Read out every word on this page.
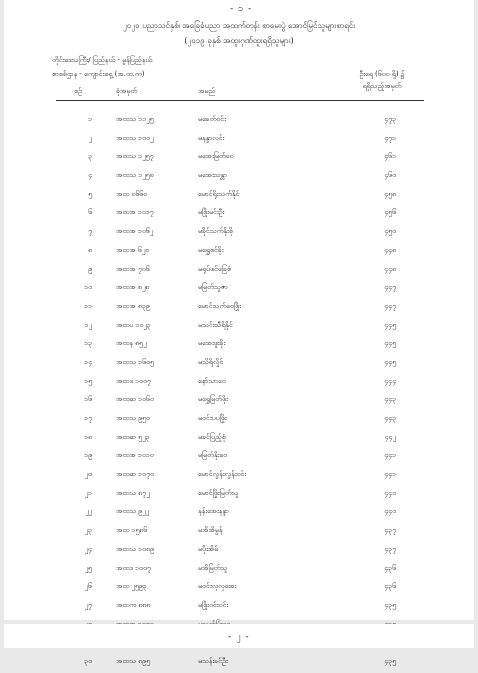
- ၁ -
၂၀၂၀ ပညာသင်နှစ်၊ အခြေခံပညာ အထက်တန်း စာမေးပွဲ အောင်မြင်သူများစာရင်း
(၂၀၁၉ ခုနှစ် အထူးဂုဏ်ထူးရရှိသူများ)
တိုင်းဒေသကြီး/ ပြည်နယ် - မွန်ပြည်နယ်
စာစစ်ဌာန - ကျောင်းရှေ့ (အ.ထ.က)
စဉ်	ခုံအမှတ်	အမည်
ဦးရေ (၆၀၀ ရှိ) ၌
ရရှိသည့်အမှတ်
၁	အထသ ၁၁၂၅	မခေတ်ဝင်း	၄၇၃
၂	အထသ ၁၀၀၂	မနန္ဒာလင်း	၄၇၁
၃	အထသ ၁၂၅၇	မအေးမြတ်ဝေ	၄၆၁
၄	အထသ ၁၂၅၈	မအေးသန္တာ	၄၆၀
၅	အထ ၀၆၆၀	မောင်ရိုးသက်နိုင်	၄၅၈
၆	အထအ ၁၀၁၇	မဖြိုးမင်းဦး	၄၅၆
၇	အထအ ၁၀၆၂	မခိုင်သက်နိုးစို	၄၅၀
၈	အထအ ၆၂၀	မရွှေစင်ခိုး	၄၄၈
၉	အထအ ၇၀၆	မရုပ်ဖင်ခြေစံ	၄၄၈
၁၀	အထအ ၈၂၈	မမြတ်သူဇာ	၄၄၇
၁၁	အထအ ၈၃၉	မောင်သက်ဝေဖြိုး	၄၄၇
၁၂	အထပ ၁၀၂၃	မသင်းသီရိနိုင်	၄၄၅
၁၃	အထန ၈၅၂	မအေးဖူးခိုး	၄၄၅
၁၄	အထသ ၁၆၀၅	မသိရိလှိုင်	၄၄၅
၁၅	အထဒ ၁၀၀၇	နော်သာဝေ	၄၄၄
၁၆	အထဆ ၁၀၆၀	မရွှေမြတ်ဖိုး	၄၄၃
၁၇	အထသ ၉၅၀	မဝင်းပပဖြိုး	၄၄၃
၁၈	အထဆ ၅၂၃	မခင်ပြည့်စုံ	၄၄၂
၁၉	အထအ ၁၀၁၀	မမြတ်နိုးဝေ	၄၄၁
၂၀	အထဆ ၁၀၇၀	မောင်လွန်းလွန်းဝင်း	၄၄၁
၂၁	အထသ ၈၇၂	မောင်ဖြိုးမြတ်သူ	၄၄၀
၂၂	အထသ ၉၂၂	နန်းအေးနန္ဒာ	၄၄၀
၂၃	အထ ၁၅၈၆	မအိအိမွန်	၄၃၇
၂၄	အထသ ၁၀၈၉	မပိုးအိမ်	၄၃၇
၂၅	အထဒ ၁၀၀၇	မအိမြတ်သူ	၄၃၆
၂၆	အထ ၂၅၉၃	မဝင်းလှလှအေး	၄၃၆
၂၇	အထက ၈၈၈	မဖြိုးဝင်းဝင်း	၄၃၅
၃၀	အထသ ၈၉၅	မသန်းခင်ဦး	၄၃၅
- ၂ -
